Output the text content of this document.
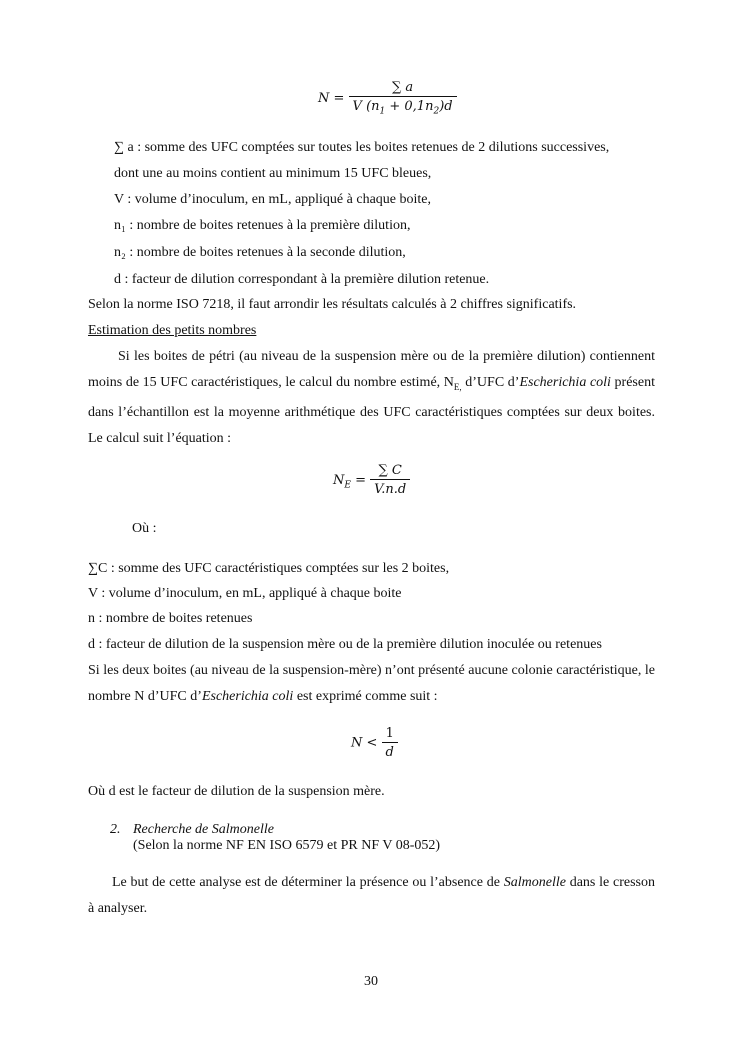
$N = \frac{\sum a}{V (n_1 + 0,1n_2)d}$
∑ a : somme des UFC comptées sur toutes les boites retenues de 2 dilutions successives,
dont une au moins contient au minimum 15 UFC bleues,
V : volume d’inoculum, en mL, appliqué à chaque boite,
n₁ : nombre de boites retenues à la première dilution,
n₂ : nombre de boites retenues à la seconde dilution,
d : facteur de dilution correspondant à la première dilution retenue.
Selon la norme ISO 7218, il faut arrondir les résultats calculés à 2 chiffres significatifs.
Estimation des petits nombres

Si les boites de pétri (au niveau de la suspension mère ou de la première dilution) contiennent moins de 15 UFC caractéristiques, le calcul du nombre estimé, $N_{E,}$ d’UFC d’Escherichia coli présent dans l’échantillon est la moyenne arithmétique des UFC caractéristiques comptées sur deux boites. Le calcul suit l’équation :

$N_E = \frac{\sum C}{V.n.d}$
Où :
∑C : somme des UFC caractéristiques comptées sur les 2 boites,
V : volume d’inoculum, en mL, appliqué à chaque boite
n : nombre de boites retenues
d : facteur de dilution de la suspension mère ou de la première dilution inoculée ou retenues

Si les deux boites (au niveau de la suspension-mère) n’ont présenté aucune colonie caractéristique, le nombre N d’UFC d’Escherichia coli est exprimé comme suit :

$N < \frac{1}{d}$
Où d est le facteur de dilution de la suspension mère.
2. Recherche de Salmonelle
(Selon la norme NF EN ISO 6579 et PR NF V 08-052)

Le but de cette analyse est de déterminer la présence ou l’absence de Salmonelle dans le cresson à analyser.

30
